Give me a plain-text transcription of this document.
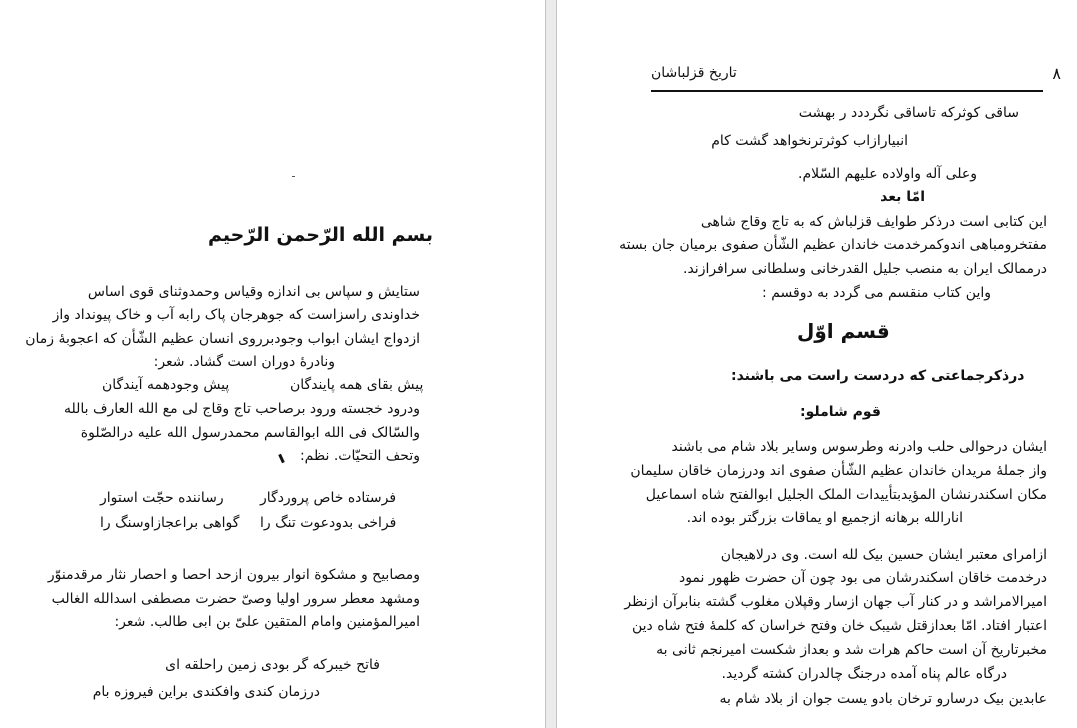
بسم الله الرّحمن الرّحيم
ستایش و سپاس بی اندازه وقیاس وحمدوثنای قوی اساس
خداوندی راسزاست که جوهرجان پاک رابه آب و خاک پیونداد واز
ازدواج ایشان ابواب وجودبرروی انسان عظیم الشّأن که اعجوبهٔ زمان
ونادرهٔ دوران است گشاد. شعر:
پیش وجودهمه آیندگان	پیش بقای همه پایندگان
ودرود خجسته ورود برصاحب تاج وقاج لی مع الله العارف بالله
والسّالک فی الله ابوالقاسم محمدرسول الله علیه درالصّلوة
وتحف التحیّات. نظم:
فرستاده خاص پروردگار
رساننده حجّت استوار
فراخی بدودعوت تنگ را
گواهی براعجازاوسنگ را
ومصابیح و مشکوة انوار بیرون ازحد احصا و احصار نثار مرقدمنوّر
ومشهد معطر سرور اولیا وصیّ حضرت مصطفی اسدالله الغالب
امیرالمؤمنین وامام المتقین علیّ بن ابی طالب. شعر:
فاتح خیبرکه گر بودی زمین راحلقه ای
درزمان کندی وافکندی براین فیروزه بام
۸
تاریخ قزلباشان
ساقی کوثرکه تاساقی نگرددد ر بهشت
انبیارازاب کوثرترنخواهد گشت کام
وعلی آله واولاده علیهم السّلام.
امّا بعد
این کتابی است درذکر طوایف قزلباش که به تاج وقاج شاهی
مفتخرومباهی اندوکمرخدمت خاندان عظیم الشّأن صفوی برمیان جان بسته
درممالک ایران به منصب جلیل القدرخانی وسلطانی سرافرازند.
واین کتاب منقسم می گردد به دوقسم :
قسم اوّل
درذکرجماعتی که دردست راست می باشند:
قوم شاملو:
ایشان درحوالی حلب وادرنه وطرسوس وسایر بلاد شام می باشند
واز جملهٔ مریدان خاندان عظیم الشّأن صفوی اند ودرزمان خاقان سلیمان
مکان اسکندرنشان المؤیدبتأییدات الملک الجلیل ابوالفتح شاه اسماعیل
انارالله برهانه ازجمیع او یماقات بزرگتر بوده اند.
ازامرای معتبر ایشان حسین بیک لله است. وی درلاهیجان
درخدمت خاقان اسکندرشان می بود چون آن حضرت ظهور نمود
امیرالامراشد و در کنار آب جهان ازسار وقپلان مغلوب گشته بنابرآن ازنظر
اعتبار افتاد. امّا بعدازقتل شیبک خان وفتح خراسان که کلمهٔ فتح شاه دین
مخبرتاریخ آن است حاکم هرات شد و بعداز شکست امیرنجم ثانی به
درگاه عالم پناه آمده درجنگ چالدران کشته گردید.
عابدین بیک درسارو ترخان بادو یست جوان از بلاد شام به
